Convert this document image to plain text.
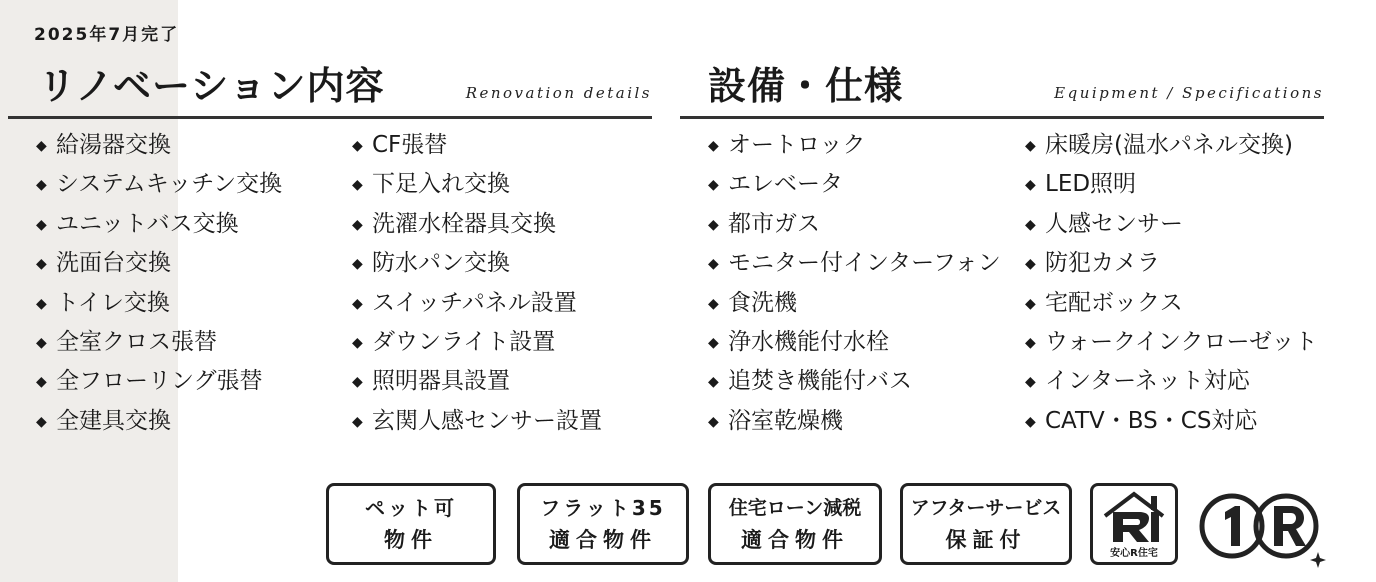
2025年7月完了
リノベーション内容	Renovation details 設備・仕様	Equipment / Specifications
◆ 給湯器交換
◆ システムキッチン交換
◆ ユニットバス交換
◆ 洗面台交換
◆ トイレ交換
◆ 全室クロス張替
◆ 全フローリング張替
◆ 全建具交換
◆ CF張替
◆ 下足入れ交換
◆ 洗濯水栓器具交換
◆ 防水パン交換
◆ スイッチパネル設置
◆ ダウンライト設置
◆ 照明器具設置
◆ 玄関人感センサー設置
◆ オートロック
◆ エレベータ
◆ 都市ガス
◆ モニター付インターフォン
◆ 食洗機
◆ 浄水機能付水栓
◆ 追焚き機能付バス
◆ 浴室乾燥機
◆ 床暖房(温水パネル交換)
◆ LED照明
◆ 人感センサー
◆ 防犯カメラ
◆ 宅配ボックス
◆ ウォークインクローゼット
◆ インターネット対応
◆ CATV・BS・CS対応
ペット可
物件
フラット35
適合物件
住宅ローン減税
適合物件
アフターサービス
保証付
安心R住宅
